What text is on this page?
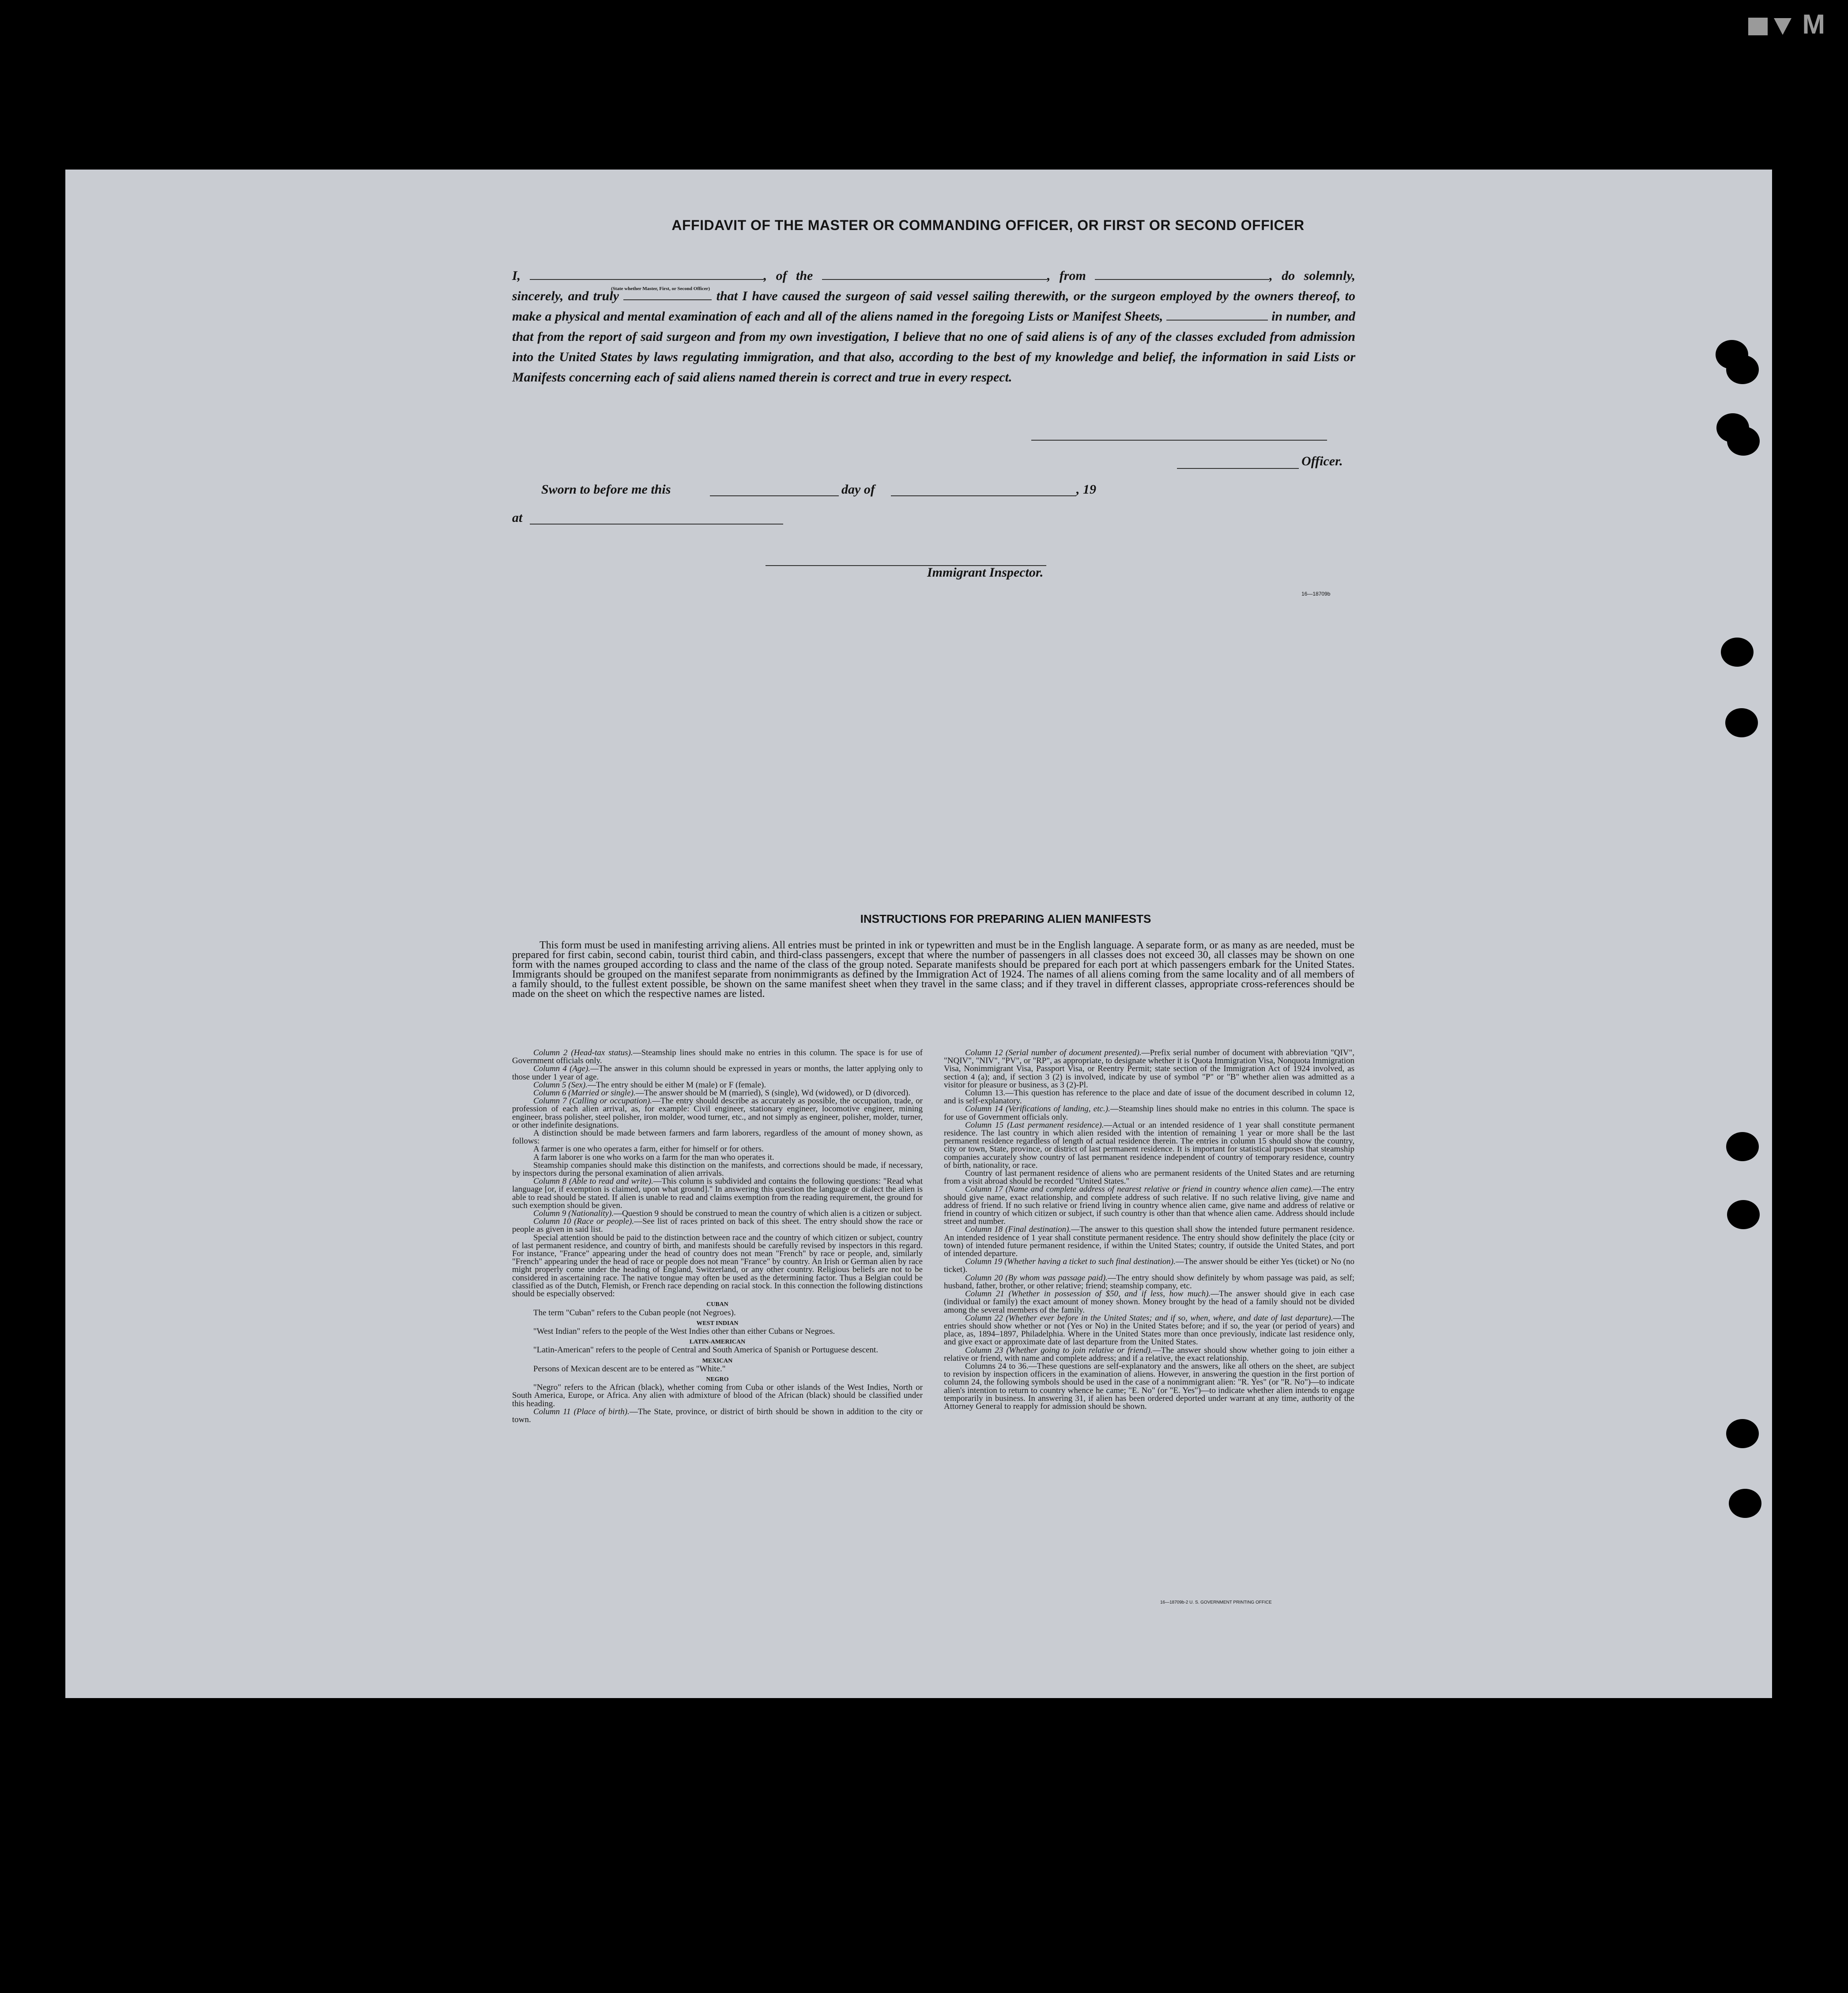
M
AFFIDAVIT OF THE MASTER OR COMMANDING OFFICER, OR FIRST OR SECOND OFFICER
I,	, of the	, from	, do solemnly, sincerely, and truly	that I have caused the surgeon of said vessel sailing therewith, or the surgeon employed by the owners thereof, to make a physical and mental examination of each and all of the aliens named in the foregoing Lists or Manifest Sheets,	in number, and that from the report of said surgeon and from my own investigation, I believe that no one of said aliens is of any of the classes excluded from admission into the United States by laws regulating immigration, and that also, according to the best of my knowledge and belief, the information in said Lists or Manifests concerning each of said aliens named therein is correct and true in every respect.
(State whether Master, First, or Second Officer)
Officer.
Sworn to before me this	day of	, 19
at
Immigrant Inspector.
16—18709b
INSTRUCTIONS FOR PREPARING ALIEN MANIFESTS

This form must be used in manifesting arriving aliens. All entries must be printed in ink or typewritten and must be in the English language. A separate form, or as many as are needed, must be prepared for first cabin, second cabin, tourist third cabin, and third-class passengers, except that where the number of passengers in all classes does not exceed 30, all classes may be shown on one form with the names grouped according to class and the name of the class of the group noted. Separate manifests should be prepared for each port at which passengers embark for the United States. Immigrants should be grouped on the manifest separate from nonimmigrants as defined by the Immigration Act of 1924. The names of all aliens coming from the same locality and of all members of a family should, to the fullest extent possible, be shown on the same manifest sheet when they travel in the same class; and if they travel in different classes, appropriate cross-references should be made on the sheet on which the respective names are listed.

Column 2 (Head-tax status).—Steamship lines should make no entries in this column. The space is for use of Government officials only.

Column 4 (Age).—The answer in this column should be expressed in years or months, the latter applying only to those under 1 year of age.

Column 5 (Sex).—The entry should be either M (male) or F (female).

Column 6 (Married or single).—The answer should be M (married), S (single), Wd (widowed), or D (divorced).

Column 7 (Calling or occupation).—The entry should describe as accurately as possible, the occupation, trade, or profession of each alien arrival, as, for example: Civil engineer, stationary engineer, locomotive engineer, mining engineer, brass polisher, steel polisher, iron molder, wood turner, etc., and not simply as engineer, polisher, molder, turner, or other indefinite designations.

A distinction should be made between farmers and farm laborers, regardless of the amount of money shown, as follows:

A farmer is one who operates a farm, either for himself or for others.

A farm laborer is one who works on a farm for the man who operates it.

Steamship companies should make this distinction on the manifests, and corrections should be made, if necessary, by inspectors during the personal examination of alien arrivals.

Column 8 (Able to read and write).—This column is subdivided and contains the following questions: "Read what language [or, if exemption is claimed, upon what ground]." In answering this question the language or dialect the alien is able to read should be stated. If alien is unable to read and claims exemption from the reading requirement, the ground for such exemption should be given.

Column 9 (Nationality).—Question 9 should be construed to mean the country of which alien is a citizen or subject.

Column 10 (Race or people).—See list of races printed on back of this sheet. The entry should show the race or people as given in said list.

Special attention should be paid to the distinction between race and the country of which citizen or subject, country of last permanent residence, and country of birth, and manifests should be carefully revised by inspectors in this regard. For instance, "France" appearing under the head of country does not mean "French" by race or people, and, similarly "French" appearing under the head of race or people does not mean "France" by country. An Irish or German alien by race might properly come under the heading of England, Switzerland, or any other country. Religious beliefs are not to be considered in ascertaining race. The native tongue may often be used as the determining factor. Thus a Belgian could be classified as of the Dutch, Flemish, or French race depending on racial stock. In this connection the following distinctions should be especially observed:

CUBAN

The term "Cuban" refers to the Cuban people (not Negroes).

WEST INDIAN

"West Indian" refers to the people of the West Indies other than either Cubans or Negroes.

LATIN-AMERICAN

"Latin-American" refers to the people of Central and South America of Spanish or Portuguese descent.

MEXICAN

Persons of Mexican descent are to be entered as "White."

NEGRO

"Negro" refers to the African (black), whether coming from Cuba or other islands of the West Indies, North or South America, Europe, or Africa. Any alien with admixture of blood of the African (black) should be classified under this heading.

Column 11 (Place of birth).—The State, province, or district of birth should be shown in addition to the city or town.

Column 12 (Serial number of document presented).—Prefix serial number of document with abbreviation "QIV", "NQIV", "NIV", "PV", or "RP", as appropriate, to designate whether it is Quota Immigration Visa, Nonquota Immigration Visa, Nonimmigrant Visa, Passport Visa, or Reentry Permit; state section of the Immigration Act of 1924 involved, as section 4 (a); and, if section 3 (2) is involved, indicate by use of symbol "P" or "B" whether alien was admitted as a visitor for pleasure or business, as 3 (2)-Pl.

Column 13.—This question has reference to the place and date of issue of the document described in column 12, and is self-explanatory.

Column 14 (Verifications of landing, etc.).—Steamship lines should make no entries in this column. The space is for use of Government officials only.

Column 15 (Last permanent residence).—Actual or an intended residence of 1 year shall constitute permanent residence. The last country in which alien resided with the intention of remaining 1 year or more shall be the last permanent residence regardless of length of actual residence therein. The entries in column 15 should show the country, city or town, State, province, or district of last permanent residence. It is important for statistical purposes that steamship companies accurately show country of last permanent residence independent of country of temporary residence, country of birth, nationality, or race.

Country of last permanent residence of aliens who are permanent residents of the United States and are returning from a visit abroad should be recorded "United States."

Column 17 (Name and complete address of nearest relative or friend in country whence alien came).—The entry should give name, exact relationship, and complete address of such relative. If no such relative living, give name and address of friend. If no such relative or friend living in country whence alien came, give name and address of relative or friend in country of which citizen or subject, if such country is other than that whence alien came. Address should include street and number.

Column 18 (Final destination).—The answer to this question shall show the intended future permanent residence. An intended residence of 1 year shall constitute permanent residence. The entry should show definitely the place (city or town) of intended future permanent residence, if within the United States; country, if outside the United States, and port of intended departure.

Column 19 (Whether having a ticket to such final destination).—The answer should be either Yes (ticket) or No (no ticket).

Column 20 (By whom was passage paid).—The entry should show definitely by whom passage was paid, as self; husband, father, brother, or other relative; friend; steamship company, etc.

Column 21 (Whether in possession of $50, and if less, how much).—The answer should give in each case (individual or family) the exact amount of money shown. Money brought by the head of a family should not be divided among the several members of the family.

Column 22 (Whether ever before in the United States; and if so, when, where, and date of last departure).—The entries should show whether or not (Yes or No) in the United States before; and if so, the year (or period of years) and place, as, 1894–1897, Philadelphia. Where in the United States more than once previously, indicate last residence only, and give exact or approximate date of last departure from the United States.

Column 23 (Whether going to join relative or friend).—The answer should show whether going to join either a relative or friend, with name and complete address; and if a relative, the exact relationship.

Columns 24 to 36.—These questions are self-explanatory and the answers, like all others on the sheet, are subject to revision by inspection officers in the examination of aliens. However, in answering the question in the first portion of column 24, the following symbols should be used in the case of a nonimmigrant alien: "R. Yes" (or "R. No")—to indicate alien's intention to return to country whence he came; "E. No" (or "E. Yes")—to indicate whether alien intends to engage temporarily in business. In answering 31, if alien has been ordered deported under warrant at any time, authority of the Attorney General to reapply for admission should be shown.

16—18709b-2 U. S. GOVERNMENT PRINTING OFFICE
